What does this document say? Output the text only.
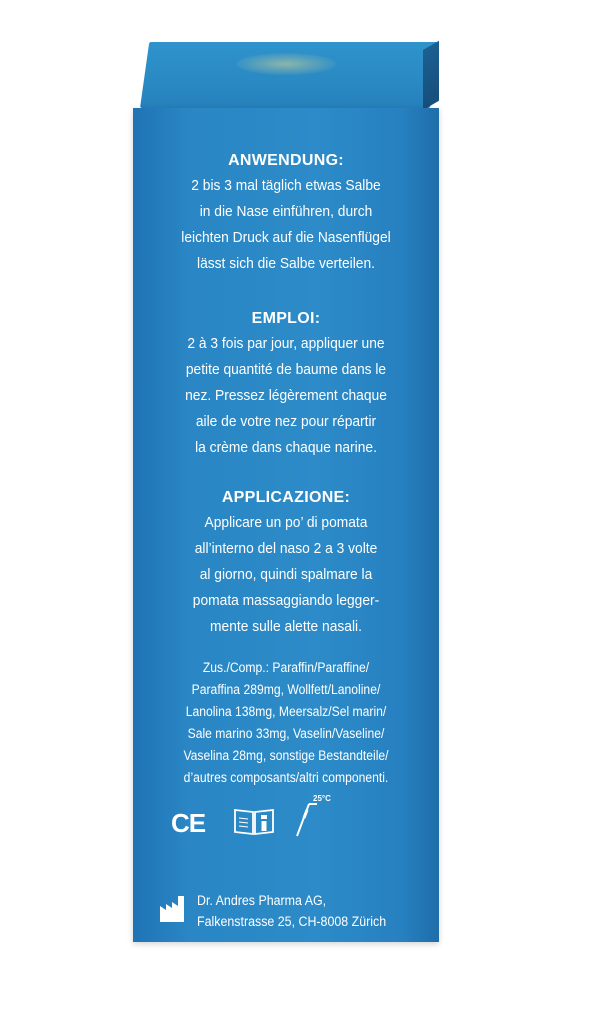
ANWENDUNG:
2 bis 3 mal täglich etwas Salbe
in die Nase einführen, durch
leichten Druck auf die Nasenflügel
lässt sich die Salbe verteilen.
EMPLOI:
2 à 3 fois par jour, appliquer une
petite quantité de baume dans le
nez. Pressez légèrement chaque
aile de votre nez pour répartir
la crème dans chaque narine.
APPLICAZIONE:
Applicare un po’ di pomata
all’interno del naso 2 a 3 volte
al giorno, quindi spalmare la
pomata massaggiando legger-
mente sulle alette nasali.
Zus./Comp.: Paraffin/Paraffine/
Paraffina 289mg, Wollfett/Lanoline/
Lanolina 138mg, Meersalz/Sel marin/
Sale marino 33mg, Vaselin/Vaseline/
Vaselina 28mg, sonstige Bestandteile/
d’autres composants/altri componenti.
CE
25°C
Dr. Andres Pharma AG,
Falkenstrasse 25, CH-8008 Zürich
